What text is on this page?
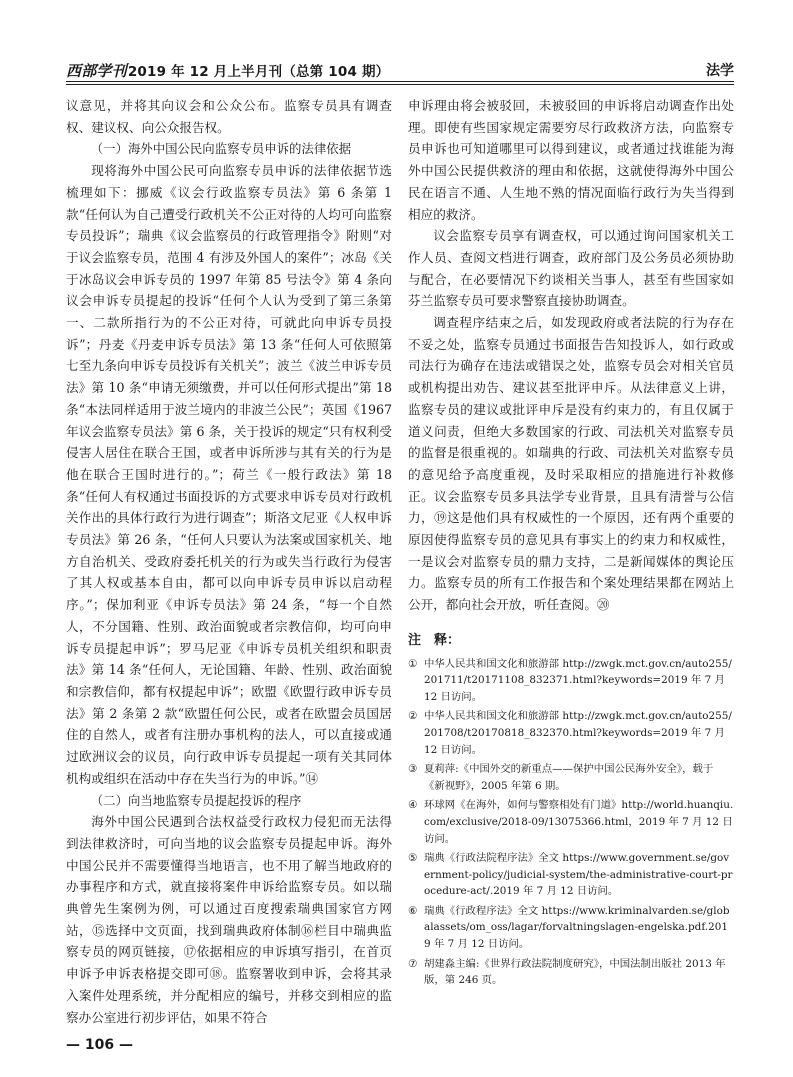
西部学刊2019 年 12 月上半月刊（总第 104 期）	法学

议意见，并将其向议会和公众公布。监察专员具有调查权、建议权、向公众报告权。

（一）海外中国公民向监察专员申诉的法律依据

现将海外中国公民可向监察专员申诉的法律依据节选梳理如下：挪威《议会行政监察专员法》第 6 条第 1 款“任何认为自己遭受行政机关不公正对待的人均可向监察专员投诉”；瑞典《议会监察员的行政管理指令》附则“对于议会监察专员，范围 4 有涉及外国人的案件”；冰岛《关于冰岛议会申诉专员的 1997 年第 85 号法令》第 4 条向议会申诉专员提起的投诉“任何个人认为受到了第三条第一、二款所指行为的不公正对待，可就此向申诉专员投诉”；丹麦《丹麦申诉专员法》第 13 条“任何人可依照第七至九条向申诉专员投诉有关机关”；波兰《波兰申诉专员法》第 10 条“申请无须缴费，并可以任何形式提出”第 18 条“本法同样适用于波兰境内的非波兰公民”；英国《1967 年议会监察专员法》第 6 条，关于投诉的规定“只有权利受侵害人居住在联合王国，或者申诉所涉与其有关的行为是他在联合王国时进行的。”；荷兰《一般行政法》第 18 条“任何人有权通过书面投诉的方式要求申诉专员对行政机关作出的具体行政行为进行调查”；斯洛文尼亚《人权申诉专员法》第 26 条，“任何人只要认为法案或国家机关、地方自治机关、受政府委托机关的行为或失当行政行为侵害了其人权或基本自由，都可以向申诉专员申诉以启动程序。”；保加利亚《申诉专员法》第 24 条，“每一个自然人，不分国籍、性别、政治面貌或者宗教信仰，均可向申诉专员提起申诉”；罗马尼亚《申诉专员机关组织和职责法》第 14 条“任何人，无论国籍、年龄、性别、政治面貌和宗教信仰，都有权提起申诉”；欧盟《欧盟行政申诉专员法》第 2 条第 2 款“欧盟任何公民，或者在欧盟会员国居住的自然人，或者有注册办事机构的法人，可以直接或通过欧洲议会的议员，向行政申诉专员提起一项有关其同体机构或组织在活动中存在失当行为的申诉。”⑭

（二）向当地监察专员提起投诉的程序

海外中国公民遇到合法权益受行政权力侵犯而无法得到法律救济时，可向当地的议会监察专员提起申诉。海外中国公民并不需要懂得当地语言，也不用了解当地政府的办事程序和方式，就直接将案件申诉给监察专员。如以瑞典曾先生案例为例，可以通过百度搜索瑞典国家官方网站，⑮选择中文页面，找到瑞典政府体制⑯栏目中瑞典监察专员的网页链接，⑰依据相应的申诉填写指引，在首页申诉予申诉表格提交即可⑱。监察署收到申诉，会将其录入案件处理系统，并分配相应的编号，并移交到相应的监察办公室进行初步评估，如果不符合

申诉理由将会被驳回，未被驳回的申诉将启动调查作出处理。即使有些国家规定需要穷尽行政救济方法，向监察专员申诉也可知道哪里可以得到建议，或者通过找谁能为海外中国公民提供救济的理由和依据，这就使得海外中国公民在语言不通、人生地不熟的情况面临行政行为失当得到相应的救济。

议会监察专员享有调查权，可以通过询问国家机关工作人员、查阅文档进行调查，政府部门及公务员必须协助与配合，在必要情况下约谈相关当事人，甚至有些国家如芬兰监察专员可要求警察直接协助调查。

调查程序结束之后，如发现政府或者法院的行为存在不妥之处，监察专员通过书面报告告知投诉人，如行政或司法行为确存在违法或错误之处，监察专员会对相关官员或机构提出劝告、建议甚至批评申斥。从法律意义上讲，监察专员的建议或批评申斥是没有约束力的，有且仅属于道义问责，但绝大多数国家的行政、司法机关对监察专员的监督是很重视的。如瑞典的行政、司法机关对监察专员的意见给予高度重视，及时采取相应的措施进行补救修正。议会监察专员多具法学专业背景，且具有清誉与公信力，⑲这是他们具有权威性的一个原因，还有两个重要的原因使得监察专员的意见具有事实上的约束力和权威性，一是议会对监察专员的鼎力支持，二是新闻媒体的舆论压力。监察专员的所有工作报告和个案处理结果都在网站上公开，都向社会开放，听任查阅。⑳

注　释：
① 中华人民共和国文化和旅游部 http://zwgk.mct.gov.cn/auto255/201711/t20171108_832371.html?keywords=2019 年 7 月 12 日访问。
② 中华人民共和国文化和旅游部 http://zwgk.mct.gov.cn/auto255/201708/t20170818_832370.html?keywords=2019 年 7 月 12 日访问。
③ 夏莉萍:《中国外交的新重点——保护中国公民海外安全》，载于《新视野》，2005 年第 6 期。
④ 环球网《在海外，如何与警察相处有门道》http://world.huanqiu.com/exclusive/2018-09/13075366.html，2019 年 7 月 12 日访问。
⑤ 瑞典《行政法院程序法》全文 https://www.government.se/government-policy/judicial-system/the-administrative-court-procedure-act/.2019 年 7 月 12 日访问。
⑥ 瑞典《行政程序法》全文 https://www.kriminalvarden.se/globalassets/om_oss/lagar/forvaltningslagen-engelska.pdf.2019 年 7 月 12 日访问。
⑦ 胡建淼主编:《世界行政法院制度研究》，中国法制出版社 2013 年版，第 246 页。
— 106 —
